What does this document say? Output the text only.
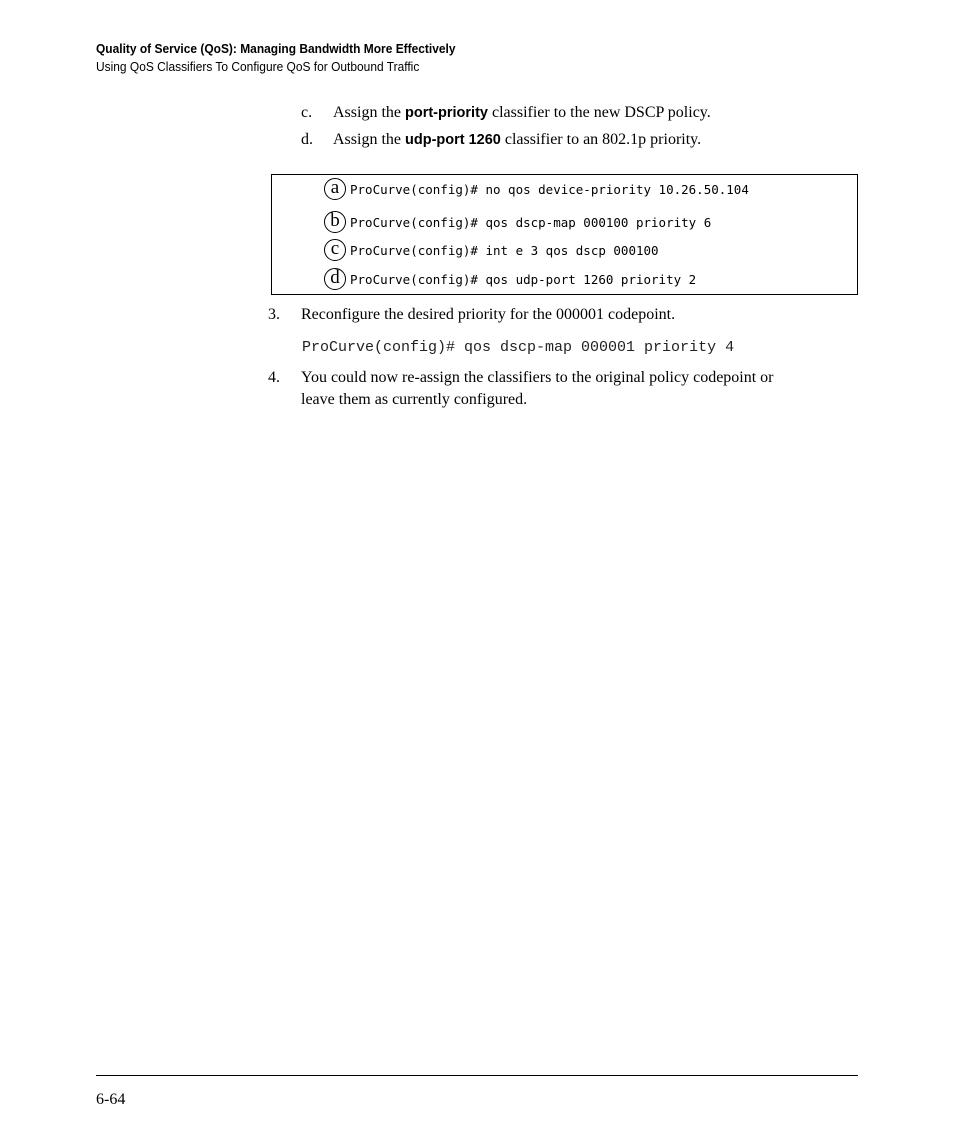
Quality of Service (QoS): Managing Bandwidth More Effectively
Using QoS Classifiers To Configure QoS for Outbound Traffic
c. Assign the port-priority classifier to the new DSCP policy.
d. Assign the udp-port 1260 classifier to an 802.1p priority.
a ProCurve(config)# no qos device-priority 10.26.50.104
b ProCurve(config)# qos dscp-map 000100 priority 6
c ProCurve(config)# int e 3 qos dscp 000100
d ProCurve(config)# qos udp-port 1260 priority 2
3. Reconfigure the desired priority for the 000001 codepoint.
ProCurve(config)# qos dscp-map 000001 priority 4
4. You could now re-assign the classifiers to the original policy codepoint or
leave them as currently configured.
6-64
